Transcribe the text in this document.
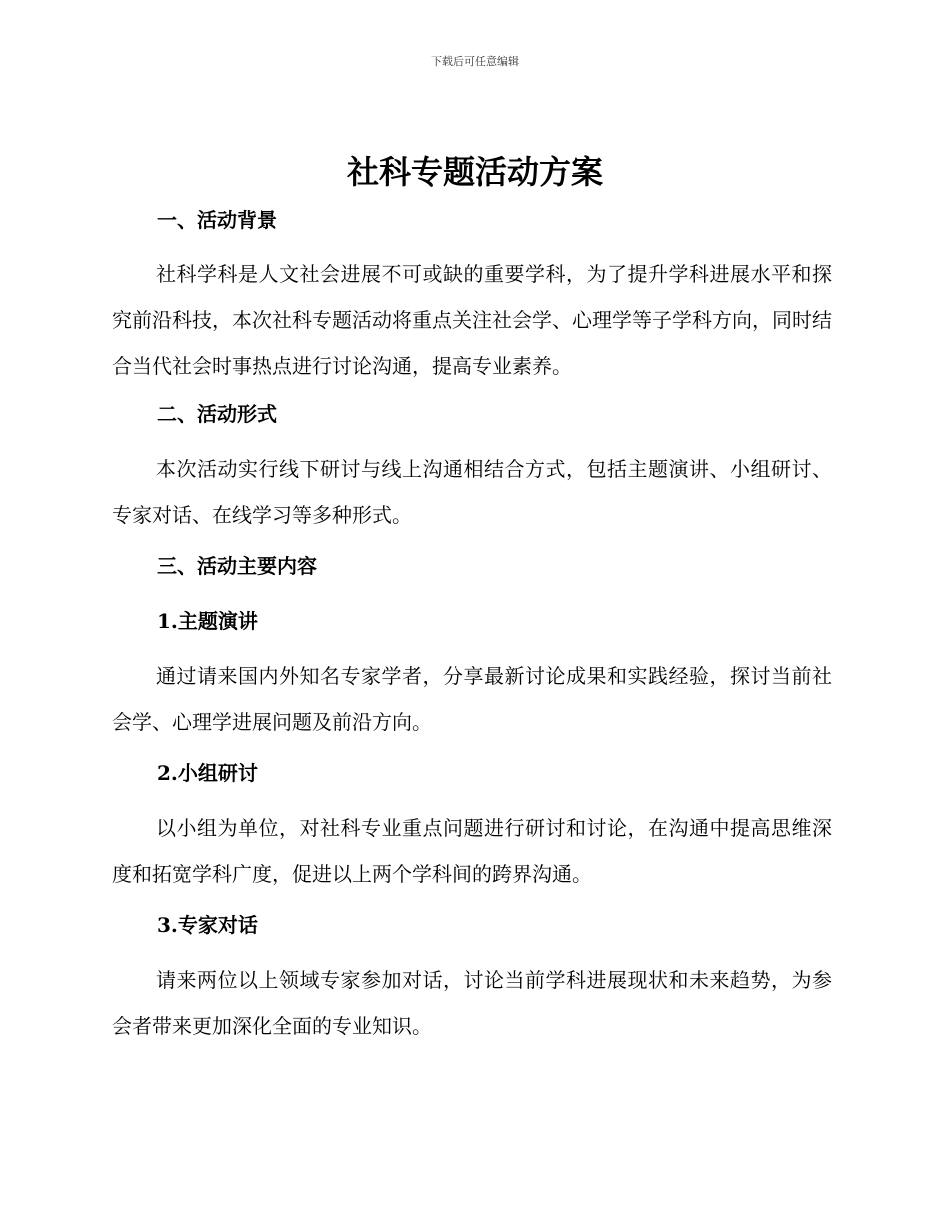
下载后可任意编辑
社科专题活动方案
一、活动背景

社科学科是人文社会进展不可或缺的重要学科，为了提升学科进展水平和探究前沿科技，本次社科专题活动将重点关注社会学、心理学等子学科方向，同时结合当代社会时事热点进行讨论沟通，提高专业素养。

二、活动形式

本次活动实行线下研讨与线上沟通相结合方式，包括主题演讲、小组研讨、专家对话、在线学习等多种形式。

三、活动主要内容
1.主题演讲

通过请来国内外知名专家学者，分享最新讨论成果和实践经验，探讨当前社会学、心理学进展问题及前沿方向。

2.小组研讨

以小组为单位，对社科专业重点问题进行研讨和讨论，在沟通中提高思维深度和拓宽学科广度，促进以上两个学科间的跨界沟通。

3.专家对话

请来两位以上领域专家参加对话，讨论当前学科进展现状和未来趋势，为参会者带来更加深化全面的专业知识。
